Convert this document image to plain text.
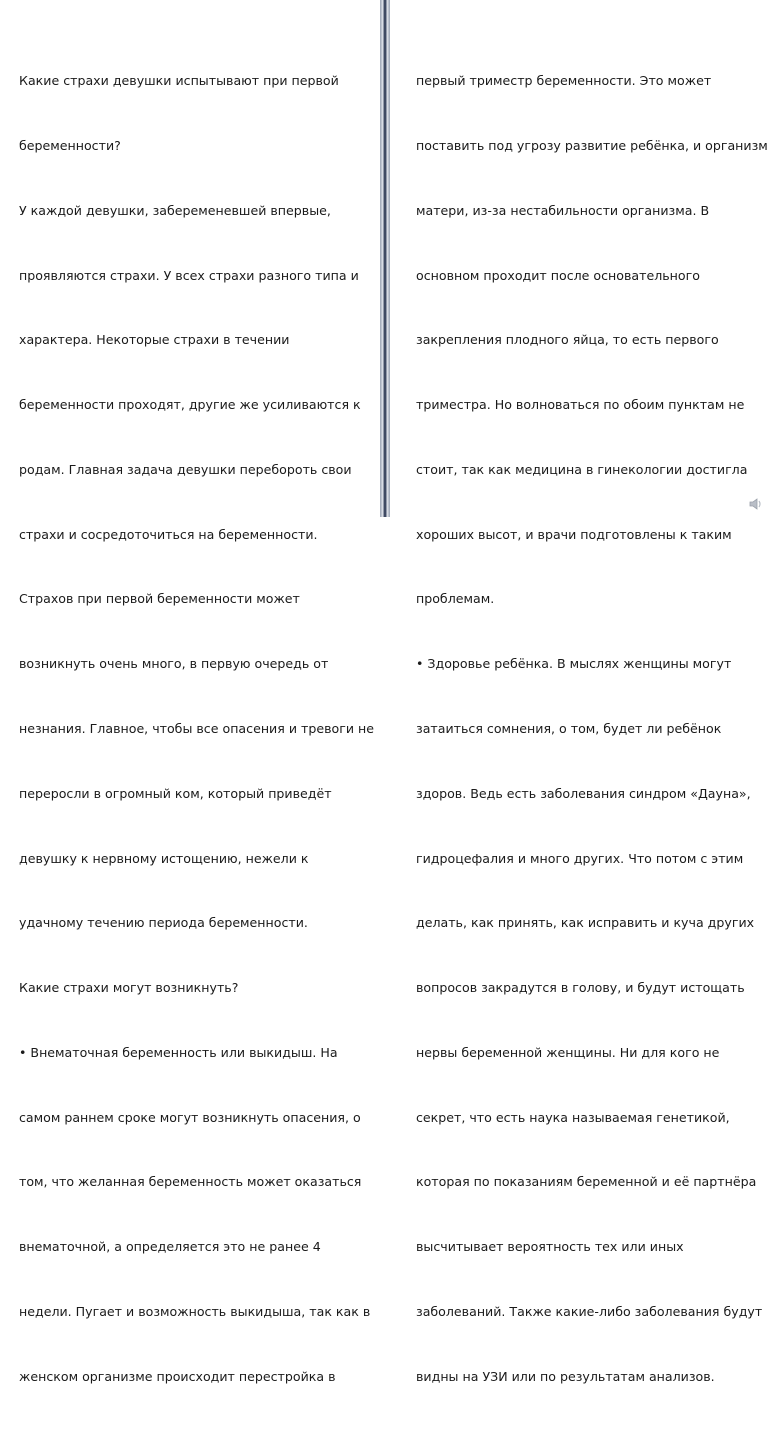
Какие страхи девушки испытывают при первой

беременности?

У каждой девушки, забеременевшей впервые,

проявляются страхи. У всех страхи разного типа и

характера. Некоторые страхи в течении

беременности проходят, другие же усиливаются к

родам. Главная задача девушки перебороть свои

страхи и сосредоточиться на беременности.

Страхов при первой беременности может

возникнуть очень много, в первую очередь от

незнания. Главное, чтобы все опасения и тревоги не

переросли в огромный ком, который приведёт

девушку к нервному истощению, нежели к

удачному течению периода беременности.

Какие страхи могут возникнуть?

• Внематочная беременность или выкидыш. На

самом раннем сроке могут возникнуть опасения, о

том, что желанная беременность может оказаться

внематочной, а определяется это не ранее 4

недели. Пугает и возможность выкидыша, так как в

женском организме происходит перестройка в

первый триместр беременности. Это может

поставить под угрозу развитие ребёнка, и организм

матери, из-за нестабильности организма. В

основном проходит после основательного

закрепления плодного яйца, то есть первого

триместра. Но волноваться по обоим пунктам не

стоит, так как медицина в гинекологии достигла

хороших высот, и врачи подготовлены к таким

проблемам.

• Здоровье ребёнка. В мыслях женщины могут

затаиться сомнения, о том, будет ли ребёнок

здоров. Ведь есть заболевания синдром «Дауна»,

гидроцефалия и много других. Что потом с этим

делать, как принять, как исправить и куча других

вопросов закрадутся в голову, и будут истощать

нервы беременной женщины. Ни для кого не

секрет, что есть наука называемая генетикой,

которая по показаниям беременной и её партнёра

высчитывает вероятность тех или иных

заболеваний. Также какие-либо заболевания будут

видны на УЗИ или по результатам анализов.
